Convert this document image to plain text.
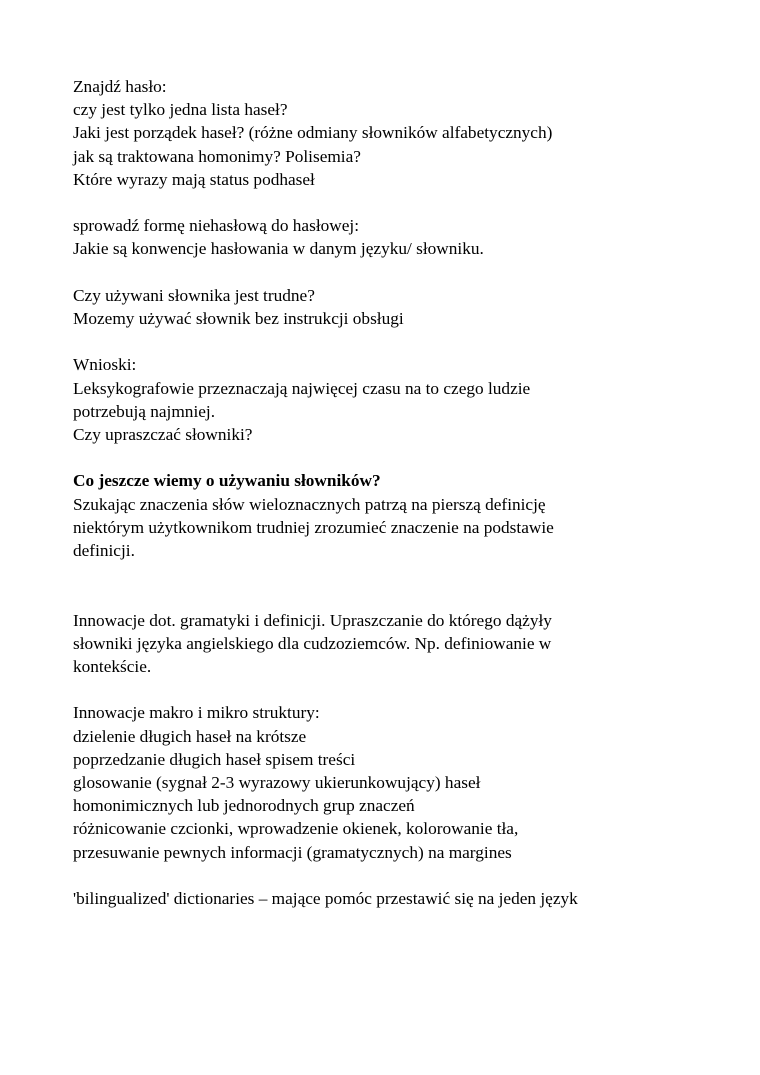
Znajdź hasło:
czy jest tylko jedna lista haseł?
Jaki jest porządek haseł? (różne odmiany słowników alfabetycznych)
jak są traktowana homonimy? Polisemia?
Które wyrazy mają status podhaseł
sprowadź formę niehasłową do hasłowej:
Jakie są konwencje hasłowania w danym języku/ słowniku.
Czy używani słownika jest trudne?
Mozemy używać słownik bez instrukcji obsługi
Wnioski:
Leksykografowie przeznaczają najwięcej czasu na to czego ludzie
potrzebują najmniej.
Czy upraszczać słowniki?
Co jeszcze wiemy o używaniu słowników?
Szukając znaczenia słów wieloznacznych patrzą na pierszą definicję
niektórym użytkownikom trudniej zrozumieć znaczenie na podstawie
definicji.
Innowacje dot. gramatyki i definicji. Upraszczanie do którego dążyły
słowniki języka angielskiego dla cudzoziemców. Np. definiowanie w
kontekście.
Innowacje makro i mikro struktury:
dzielenie długich haseł na krótsze
poprzedzanie długich haseł spisem treści
glosowanie (sygnał 2-3 wyrazowy ukierunkowujący) haseł
homonimicznych lub jednorodnych grup znaczeń
różnicowanie czcionki, wprowadzenie okienek, kolorowanie tła,
przesuwanie pewnych informacji (gramatycznych) na margines
'bilingualized' dictionaries – mające pomóc przestawić się na jeden język
